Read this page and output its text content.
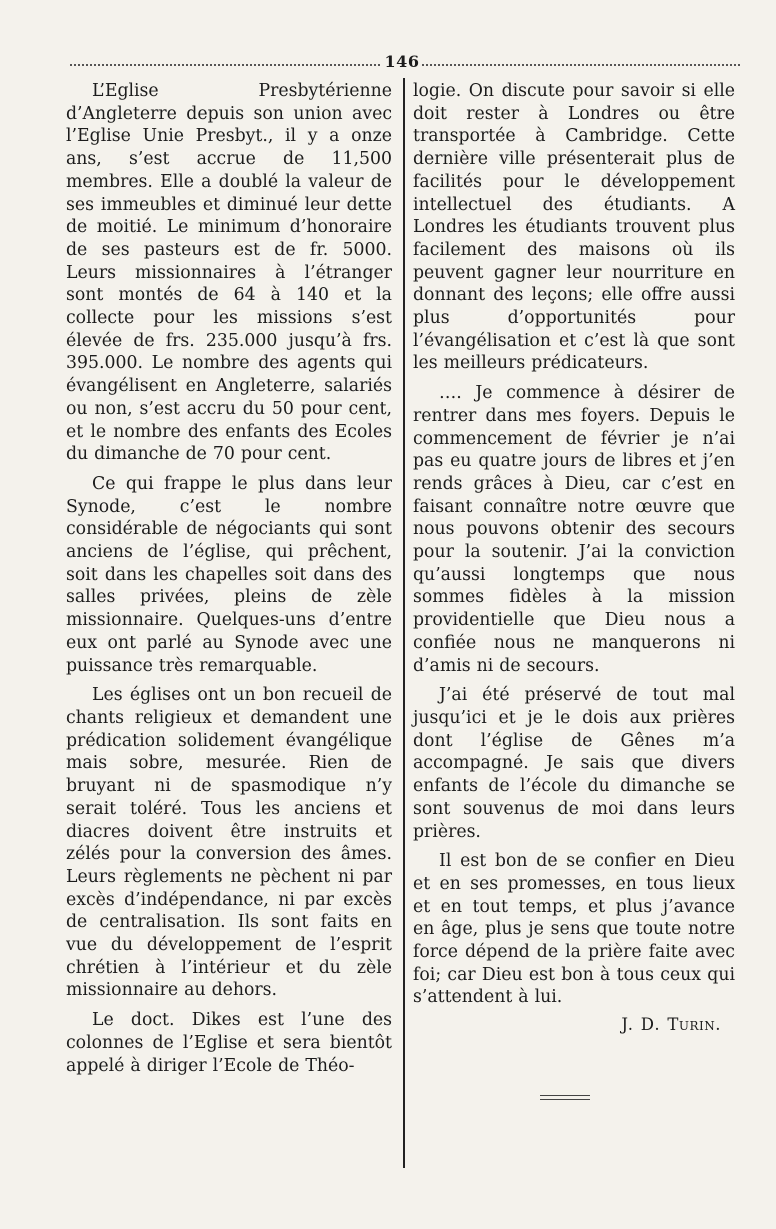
146

L’Eglise Presbytérienne d’Angleterre depuis son union avec l’Eglise Unie Presbyt., il y a onze ans, s’est accrue de 11,500 membres. Elle a doublé la valeur de ses immeubles et diminué leur dette de moitié. Le minimum d’honoraire de ses pasteurs est de fr. 5000. Leurs missionnaires à l’étranger sont montés de 64 à 140 et la collecte pour les missions s’est élevée de frs. 235.000 jusqu’à frs. 395.000. Le nombre des agents qui évangélisent en Angleterre, salariés ou non, s’est accru du 50 pour cent, et le nombre des enfants des Ecoles du dimanche de 70 pour cent.

Ce qui frappe le plus dans leur Synode, c’est le nombre considérable de négociants qui sont anciens de l’église, qui prêchent, soit dans les chapelles soit dans des salles privées, pleins de zèle missionnaire. Quelques-uns d’entre eux ont parlé au Synode avec une puissance très remarquable.

Les églises ont un bon recueil de chants religieux et demandent une prédication solidement évangélique mais sobre, mesurée. Rien de bruyant ni de spasmodique n’y serait toléré. Tous les anciens et diacres doivent être instruits et zélés pour la conversion des âmes. Leurs règlements ne pèchent ni par excès d’indépendance, ni par excès de centralisation. Ils sont faits en vue du développement de l’esprit chrétien à l’intérieur et du zèle missionnaire au dehors.

Le doct. Dikes est l’une des colonnes de l’Eglise et sera bientôt appelé à diriger l’Ecole de Théo-

logie. On discute pour savoir si elle doit rester à Londres ou être transportée à Cambridge. Cette dernière ville présenterait plus de facilités pour le développement intellectuel des étudiants. A Londres les étudiants trouvent plus facilement des maisons où ils peuvent gagner leur nourriture en donnant des leçons; elle offre aussi plus d’opportunités pour l’évangélisation et c’est là que sont les meilleurs prédicateurs.

…. Je commence à désirer de rentrer dans mes foyers. Depuis le commencement de février je n’ai pas eu quatre jours de libres et j’en rends grâces à Dieu, car c’est en faisant connaître notre œuvre que nous pouvons obtenir des secours pour la soutenir. J’ai la conviction qu’aussi longtemps que nous sommes fidèles à la mission providentielle que Dieu nous a confiée nous ne manquerons ni d’amis ni de secours.

J’ai été préservé de tout mal jusqu’ici et je le dois aux prières dont l’église de Gênes m’a accompagné. Je sais que divers enfants de l’école du dimanche se sont souvenus de moi dans leurs prières.

Il est bon de se confier en Dieu et en ses promesses, en tous lieux et en tout temps, et plus j’avance en âge, plus je sens que toute notre force dépend de la prière faite avec foi; car Dieu est bon à tous ceux qui s’attendent à lui.

J. D. Turin.
